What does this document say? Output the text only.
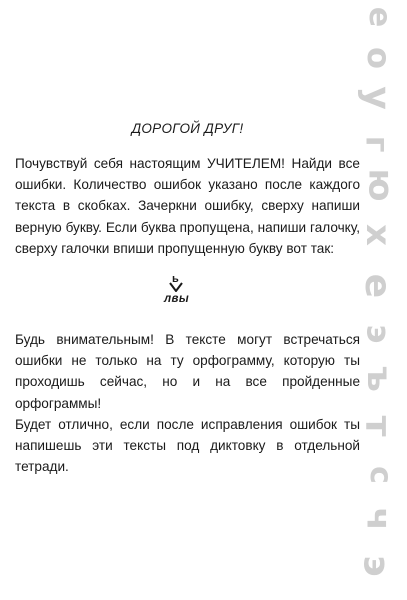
ДОРОГОЙ ДРУГ!

Почувствуй себя настоящим УЧИТЕЛЕМ! Найди все ошибки. Количество ошибок указано после каждого текста в скобках. Зачеркни ошибку, сверху напиши верную букву. Если буква пропущена, напиши галочку, сверху галочки впиши пропущенную букву вот так:

ь
лвы

Будь внимательным! В тексте могут встречаться ошибки не только на ту орфограмму, которую ты проходишь сейчас, но и на все пройденные орфограммы!

Будет отлично, если после исправления ошибок ты напишешь эти тексты под диктовку в отдельной тетради.

е
о
у
г
ю
х
е
э
ъ
т
с
ч
э
